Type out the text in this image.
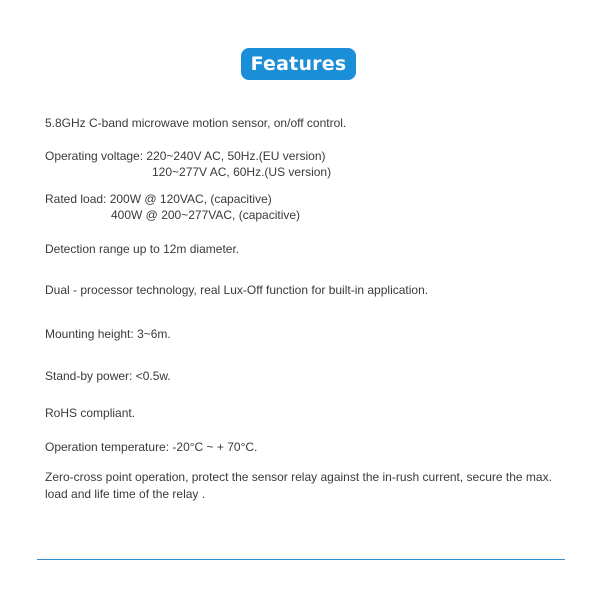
Features
5.8GHz C-band microwave motion sensor, on/off control.
Operating voltage: 220~240V AC, 50Hz.(EU version)
120~277V AC, 60Hz.(US version)
Rated load: 200W @ 120VAC, (capacitive)
400W @ 200~277VAC, (capacitive)
Detection range up to 12m diameter.
Dual - processor technology, real Lux-Off function for built-in application.
Mounting height: 3~6m.
Stand-by power: <0.5w.
RoHS compliant.
Operation temperature: -20°C ~ + 70°C.
Zero-cross point operation, protect the sensor relay against the in-rush current, secure the max. load and life time of the relay .
